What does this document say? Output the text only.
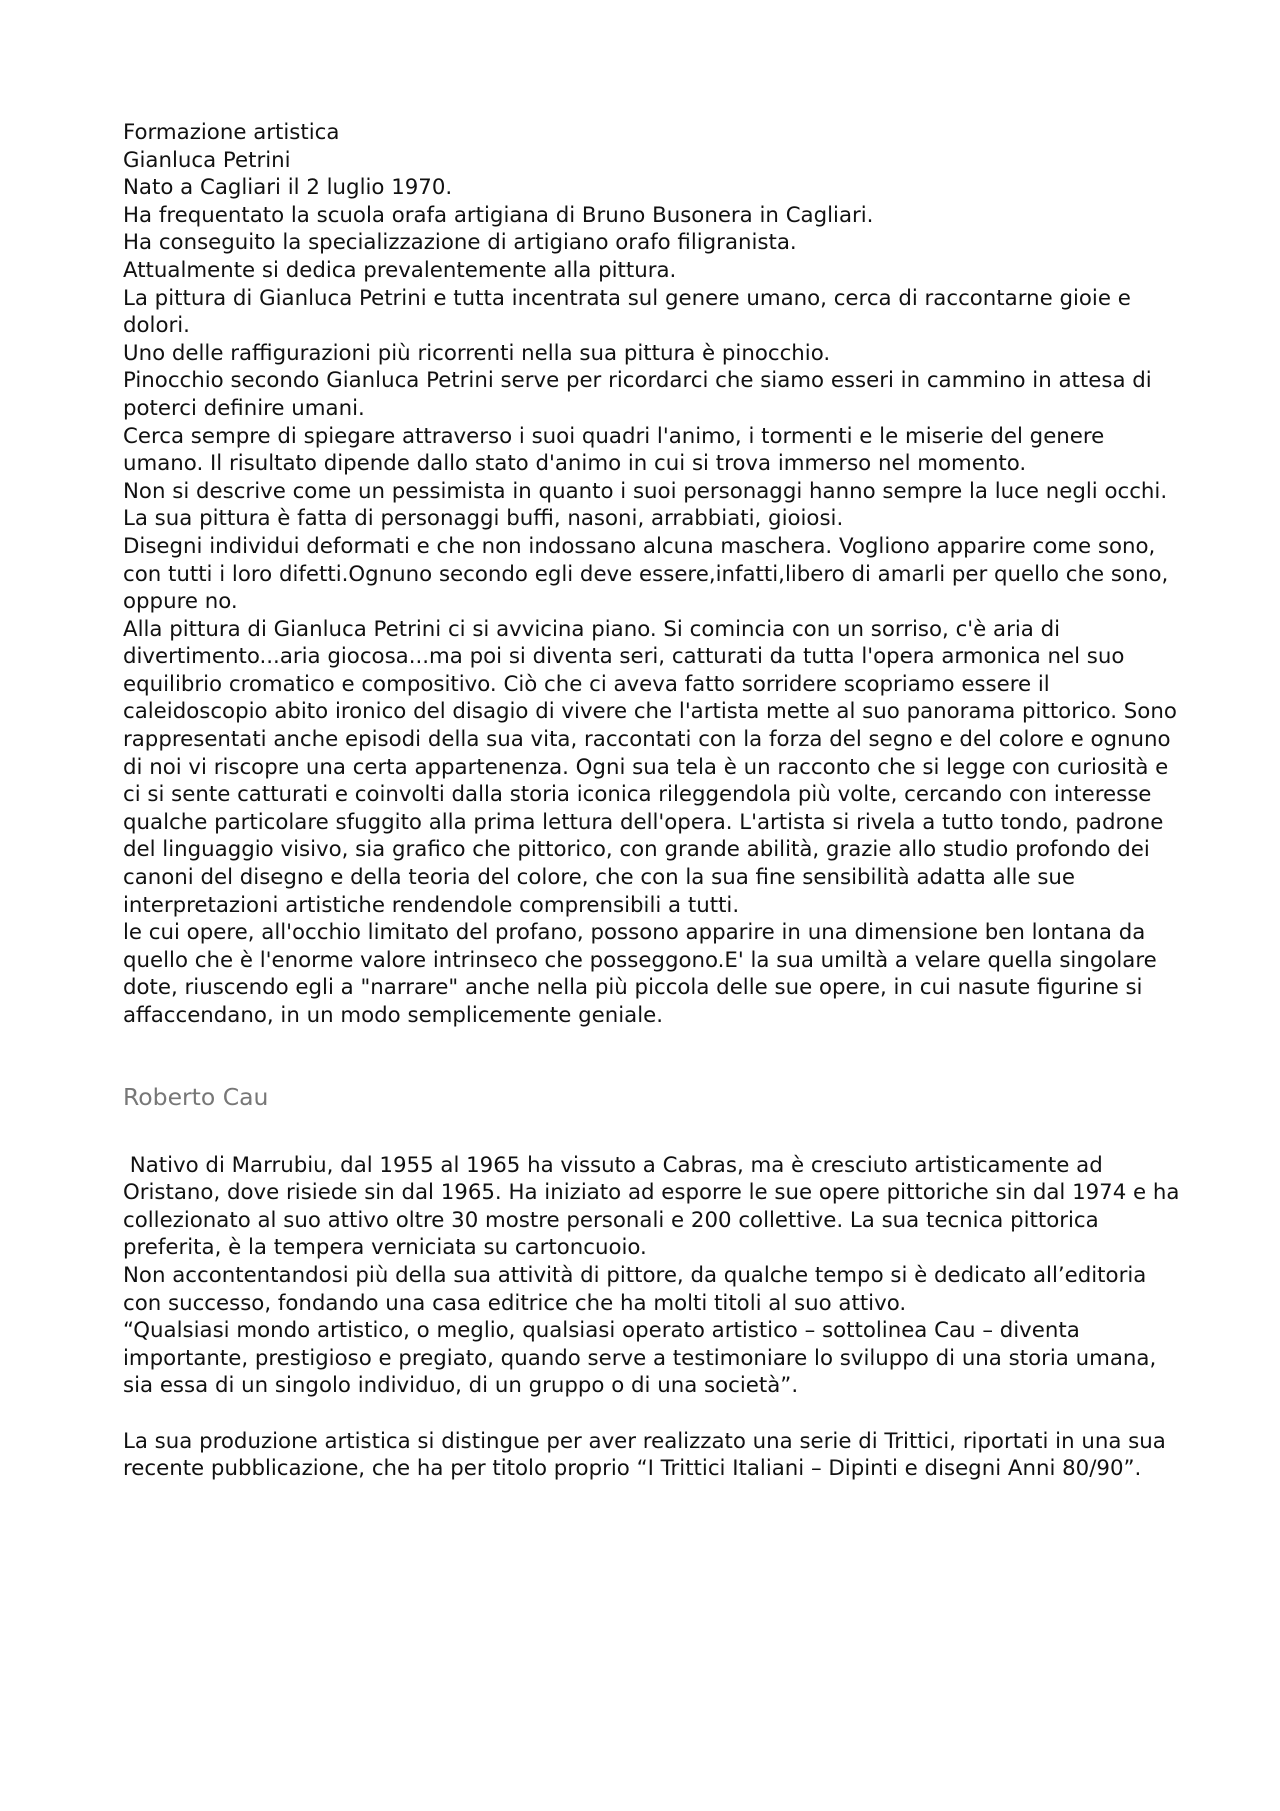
Formazione artistica

Gianluca Petrini

Nato a Cagliari il 2 luglio 1970.

Ha frequentato la scuola orafa artigiana di Bruno Busonera in Cagliari.

Ha conseguito la specializzazione di artigiano orafo filigranista.

Attualmente si dedica prevalentemente alla pittura.

La pittura di Gianluca Petrini e tutta incentrata sul genere umano, cerca di raccontarne gioie e dolori.

Uno delle raffigurazioni più ricorrenti nella sua pittura è pinocchio.

Pinocchio secondo Gianluca Petrini serve per ricordarci che siamo esseri in cammino in attesa di poterci definire umani.

Cerca sempre di spiegare attraverso i suoi quadri l'animo, i tormenti e le miserie del genere umano. Il risultato dipende dallo stato d'animo in cui si trova immerso nel momento.

Non si descrive come un pessimista in quanto i suoi personaggi hanno sempre la luce negli occhi.

La sua pittura è fatta di personaggi buffi, nasoni, arrabbiati, gioiosi.

Disegni individui deformati e che non indossano alcuna maschera. Vogliono apparire come sono, con tutti i loro difetti.Ognuno secondo egli deve essere,infatti,libero di amarli per quello che sono, oppure no.

Alla pittura di Gianluca Petrini ci si avvicina piano. Si comincia con un sorriso, c'è aria di divertimento...aria giocosa...ma poi si diventa seri, catturati da tutta l'opera armonica nel suo equilibrio cromatico e compositivo. Ciò che ci aveva fatto sorridere scopriamo essere il caleidoscopio abito ironico del disagio di vivere che l'artista mette al suo panorama pittorico. Sono rappresentati anche episodi della sua vita, raccontati con la forza del segno e del colore e ognuno di noi vi riscopre una certa appartenenza. Ogni sua tela è un racconto che si legge con curiosità e ci si sente catturati e coinvolti dalla storia iconica rileggendola più volte, cercando con interesse qualche particolare sfuggito alla prima lettura dell'opera. L'artista si rivela a tutto tondo, padrone del linguaggio visivo, sia grafico che pittorico, con grande abilità, grazie allo studio profondo dei canoni del disegno e della teoria del colore, che con la sua fine sensibilità adatta alle sue interpretazioni artistiche rendendole comprensibili a tutti.

le cui opere, all'occhio limitato del profano, possono apparire in una dimensione ben lontana da quello che è l'enorme valore intrinseco che posseggono.E' la sua umiltà a velare quella singolare dote, riuscendo egli a "narrare" anche nella più piccola delle sue opere, in cui nasute figurine si affaccendano, in un modo semplicemente geniale.

Roberto Cau

Nativo di Marrubiu, dal 1955 al 1965 ha vissuto a Cabras, ma è cresciuto artisticamente ad Oristano, dove risiede sin dal 1965. Ha iniziato ad esporre le sue opere pittoriche sin dal 1974 e ha collezionato al suo attivo oltre 30 mostre personali e 200 collettive. La sua tecnica pittorica preferita, è la tempera verniciata su cartoncuoio.

Non accontentandosi più della sua attività di pittore, da qualche tempo si è dedicato all’editoria con successo, fondando una casa editrice che ha molti titoli al suo attivo.

“Qualsiasi mondo artistico, o meglio, qualsiasi operato artistico – sottolinea Cau – diventa importante, prestigioso e pregiato, quando serve a testimoniare lo sviluppo di una storia umana, sia essa di un singolo individuo, di un gruppo o di una società”.

La sua produzione artistica si distingue per aver realizzato una serie di Trittici, riportati in una sua recente pubblicazione, che ha per titolo proprio “I Trittici Italiani – Dipinti e disegni Anni 80/90”.
